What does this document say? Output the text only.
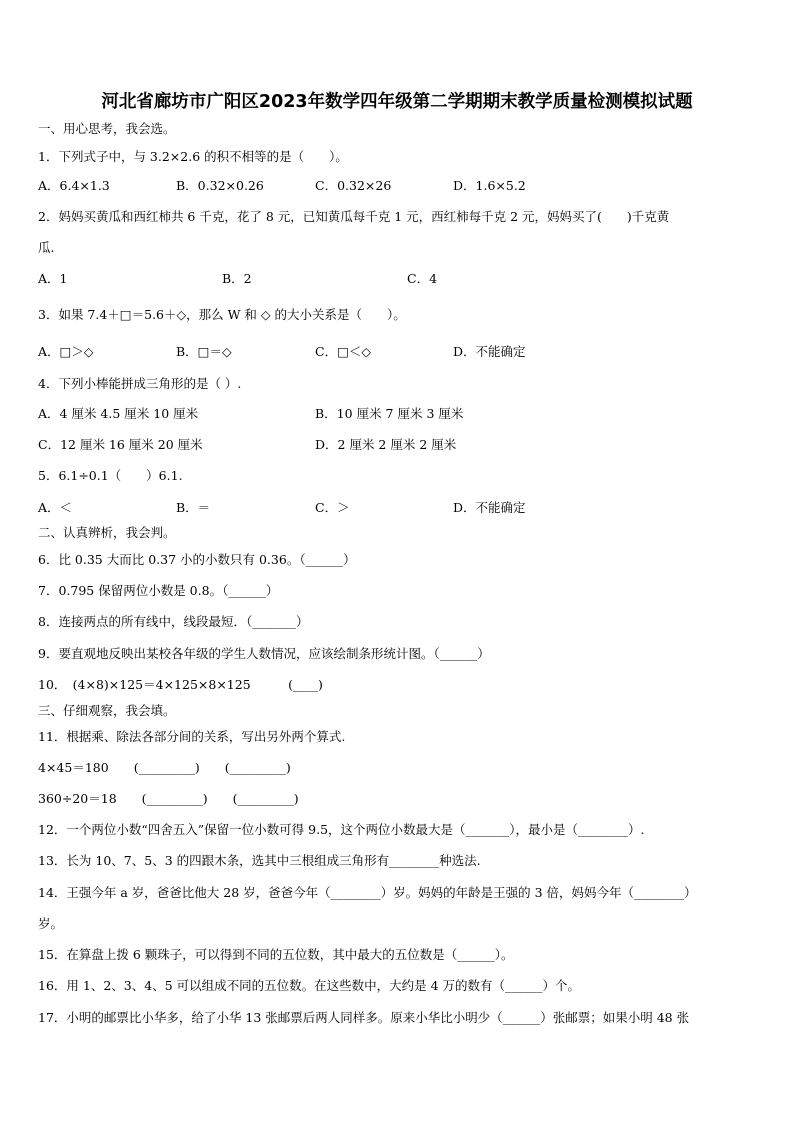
河北省廊坊市广阳区2023年数学四年级第二学期期末教学质量检测模拟试题
一、用心思考，我会选。
1．下列式子中，与 3.2×2.6 的积不相等的是（　　）。
A．6.4×1.3	B．0.32×0.26	C．0.32×26	D．1.6×5.2
2．妈妈买黄瓜和西红柿共 6 千克，花了 8 元，已知黄瓜每千克 1 元，西红柿每千克 2 元，妈妈买了(　　)千克黄
瓜.
A．1	B．2	C．4
3．如果 7.4＋□＝5.6＋◇，那么 W 和 ◇ 的大小关系是（　　）。
A．□＞◇	B．□＝◇	C．□＜◇	D．不能确定
4．下列小棒能拼成三角形的是（ ）.
A．4 厘米 4.5 厘米 10 厘米	B．10 厘米 7 厘米 3 厘米
C．12 厘米 16 厘米 20 厘米	D．2 厘米 2 厘米 2 厘米
5．6.1÷0.1（　　）6.1.
A．＜	B．＝	C．＞	D．不能确定
二、认真辨析，我会判。
6．比 0.35 大而比 0.37 小的小数只有 0.36。（______）
7．0.795 保留两位小数是 0.8。（______）
8．连接两点的所有线中，线段最短．（_______）
9．要直观地反映出某校各年级的学生人数情况，应该绘制条形统计图。（______）
10．　(4×8)×125＝4×125×8×125　　　(____)
三、仔细观察，我会填。
11．根据乘、除法各部分间的关系，写出另外两个算式.
4×45＝180　　(_________)　　(_________)
360÷20＝18　　(_________)　　(_________)
12．一个两位小数“四舍五入”保留一位小数可得 9.5，这个两位小数最大是（_______），最小是（________）.
13．长为 10、7、5、3 的四跟木条，选其中三根组成三角形有________种选法.
14．王强今年 a 岁，爸爸比他大 28 岁，爸爸今年（________）岁。妈妈的年龄是王强的 3 倍，妈妈今年（________）
岁。
15．在算盘上拨 6 颗珠子，可以得到不同的五位数，其中最大的五位数是（______）。
16．用 1、2、3、4、5 可以组成不同的五位数。在这些数中，大约是 4 万的数有（______）个。
17．小明的邮票比小华多，给了小华 13 张邮票后两人同样多。原来小华比小明少（______）张邮票；如果小明 48 张
